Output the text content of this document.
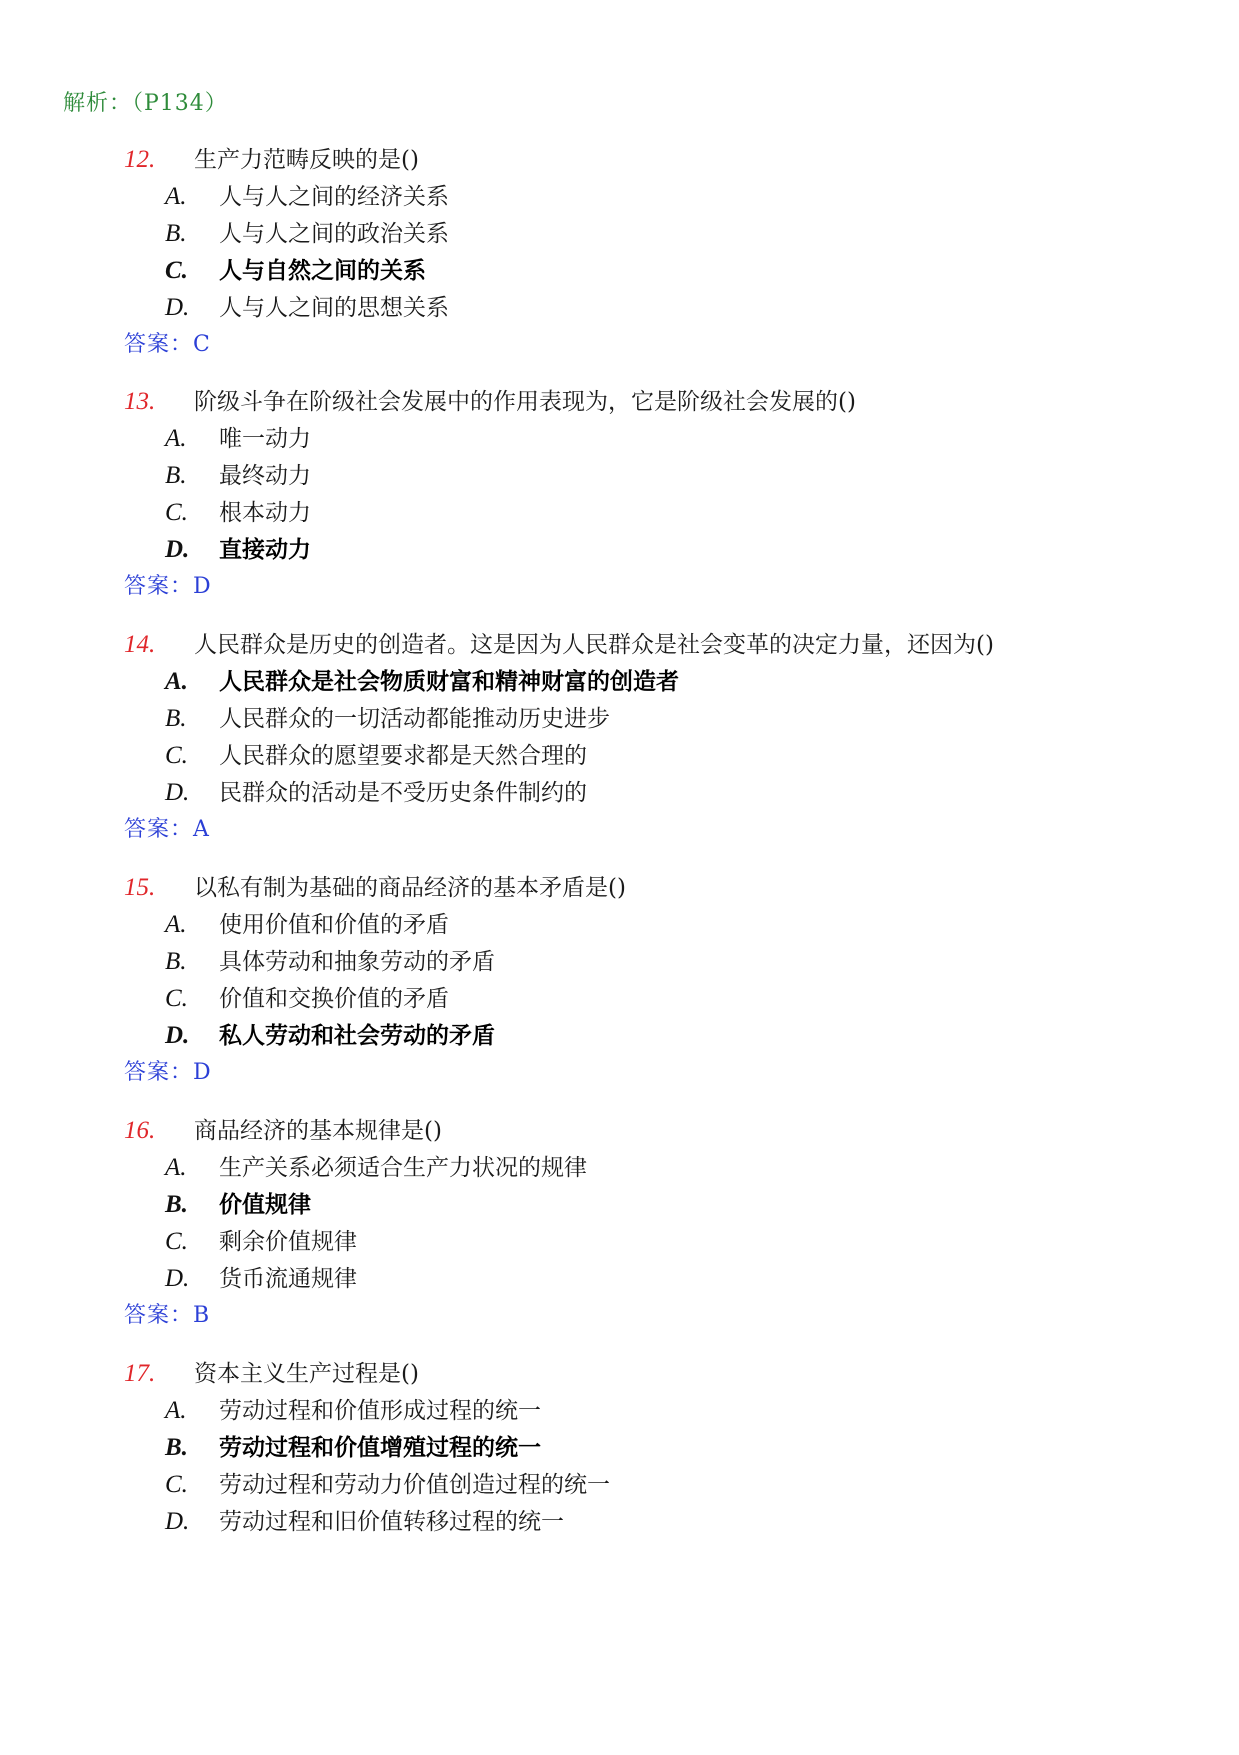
解析：（P134）
12. 生产力范畴反映的是()
A. 人与人之间的经济关系
B. 人与人之间的政治关系
C. 人与自然之间的关系
D. 人与人之间的思想关系
答案：C
13. 阶级斗争在阶级社会发展中的作用表现为，它是阶级社会发展的()
A. 唯一动力
B. 最终动力
C. 根本动力
D. 直接动力
答案：D
14. 人民群众是历史的创造者。这是因为人民群众是社会变革的决定力量，还因为()
A. 人民群众是社会物质财富和精神财富的创造者
B. 人民群众的一切活动都能推动历史进步
C. 人民群众的愿望要求都是天然合理的
D. 民群众的活动是不受历史条件制约的
答案：A
15. 以私有制为基础的商品经济的基本矛盾是()
A. 使用价值和价值的矛盾
B. 具体劳动和抽象劳动的矛盾
C. 价值和交换价值的矛盾
D. 私人劳动和社会劳动的矛盾
答案：D
16. 商品经济的基本规律是()
A. 生产关系必须适合生产力状况的规律
B. 价值规律
C. 剩余价值规律
D. 货币流通规律
答案：B
17. 资本主义生产过程是()
A. 劳动过程和价值形成过程的统一
B. 劳动过程和价值增殖过程的统一
C. 劳动过程和劳动力价值创造过程的统一
D. 劳动过程和旧价值转移过程的统一
